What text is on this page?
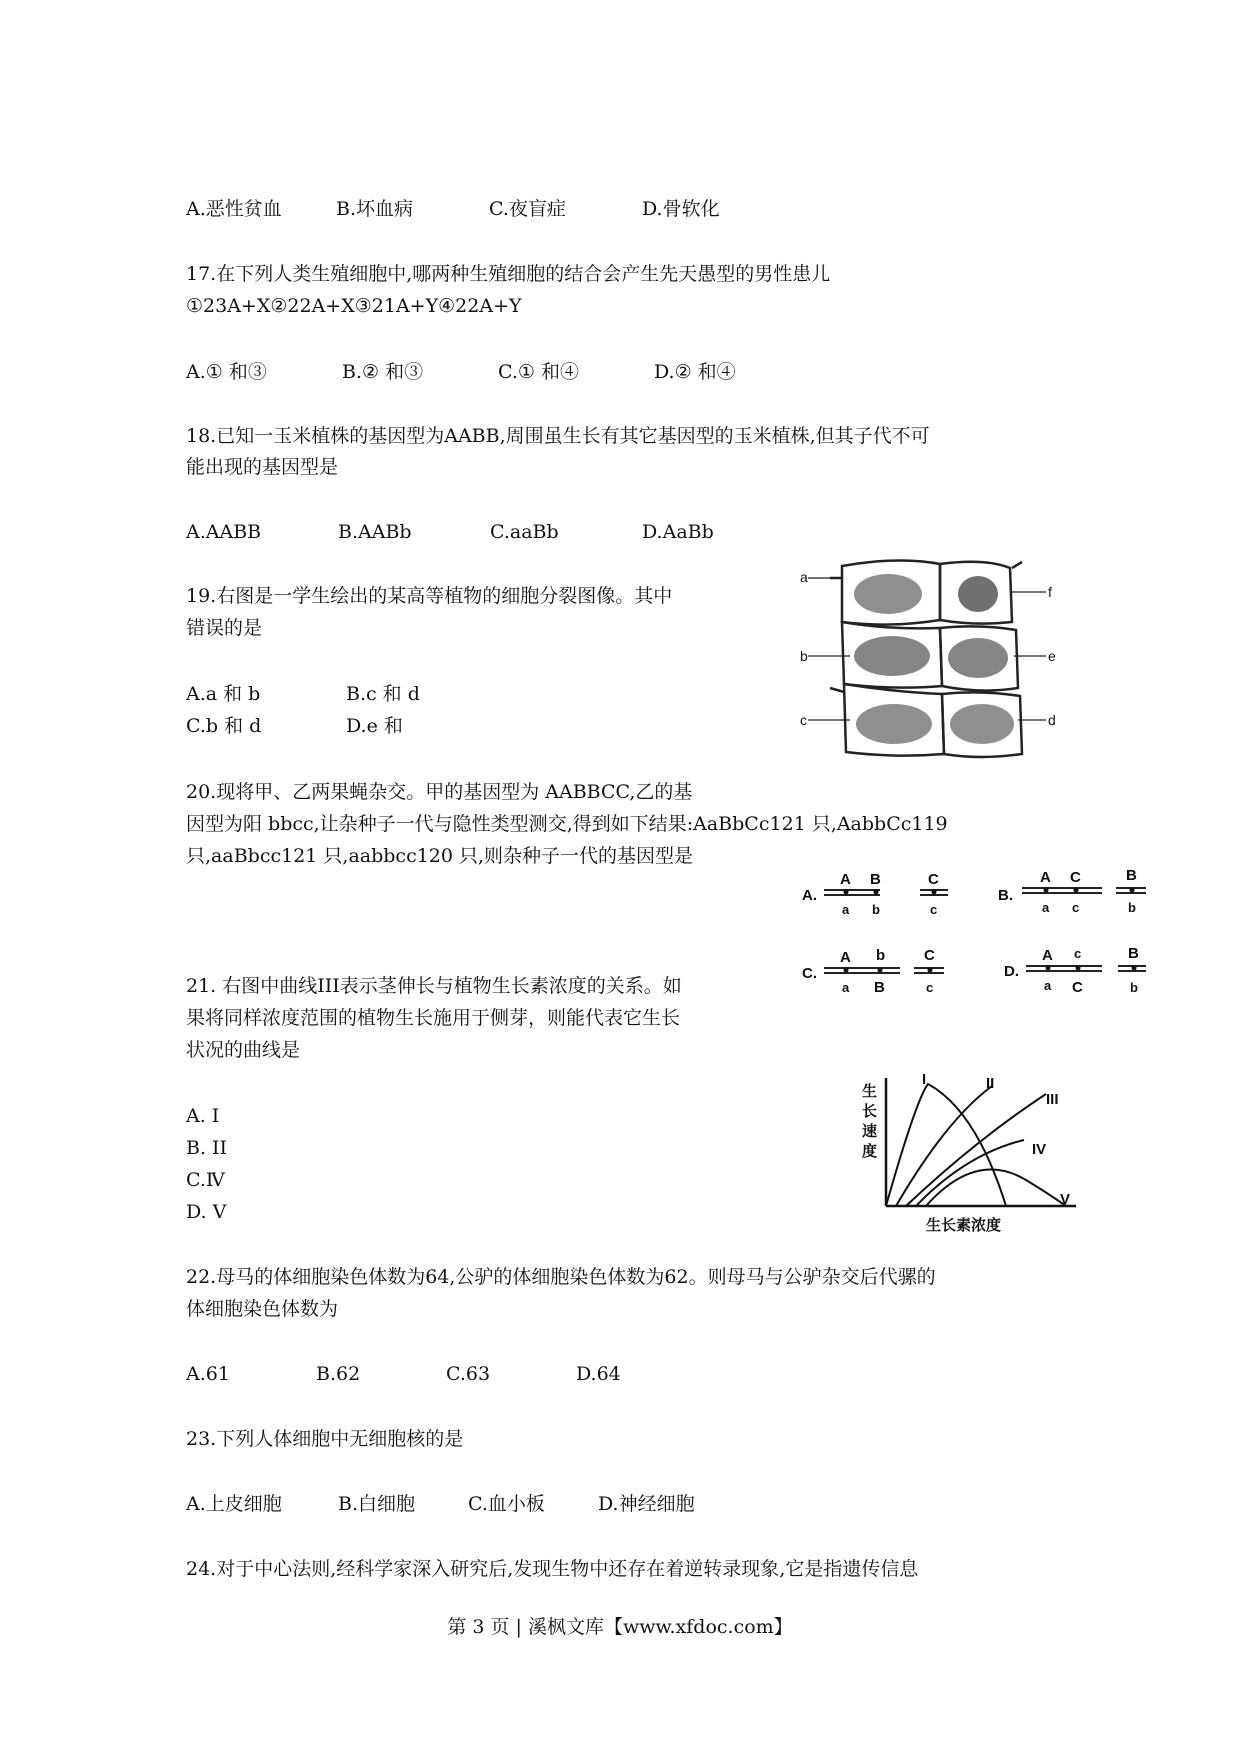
A.恶性贫血	B.坏血病	C.夜盲症	D.骨软化
17.在下列人类生殖细胞中,哪两种生殖细胞的结合会产生先天愚型的男性患儿
①23A+X②22A+X③21A+Y④22A+Y
A.① 和③	B.② 和③	C.① 和④	D.② 和④
18.已知一玉米植株的基因型为AABB,周围虽生长有其它基因型的玉米植株,但其子代不可
能出现的基因型是
A.AABB	B.AABb	C.aaBb	D.AaBb
19.右图是一学生绘出的某高等植物的细胞分裂图像。其中
错误的是
A.a 和 b	B.c 和 d
C.b 和 d	D.e 和
a
b
c	d
e
f
20.现将甲、乙两果蝇杂交。甲的基因型为 AABBCC,乙的基
因型为阳 bbcc,让杂种子一代与隐性类型测交,得到如下结果:AaBbCc121 只,AabbCc119
只,aaBbcc121 只,aabbcc120 只,则杂种子一代的基因型是
A.
A B	C
a b	c
B.
A C	B
a c	b
C.
A b	C
a B	c
D.
A c	B
a C	b
21. 右图中曲线III表示茎伸长与植物生长素浓度的关系。如
果将同样浓度范围的植物生长施用于侧芽，则能代表它生长
状况的曲线是
A. Ⅰ
B. II
C.Ⅳ
D. Ⅴ
生
长
速
度
生长素浓度
I	II
III
IV
V
22.母马的体细胞染色体数为64,公驴的体细胞染色体数为62。则母马与公驴杂交后代骡的
体细胞染色体数为
A.61	B.62	C.63	D.64
23.下列人体细胞中无细胞核的是
A.上皮细胞	B.白细胞	C.血小板	D.神经细胞
24.对于中心法则,经科学家深入研究后,发现生物中还存在着逆转录现象,它是指遗传信息
第 3 页 | 溪枫文库【www.xfdoc.com】
